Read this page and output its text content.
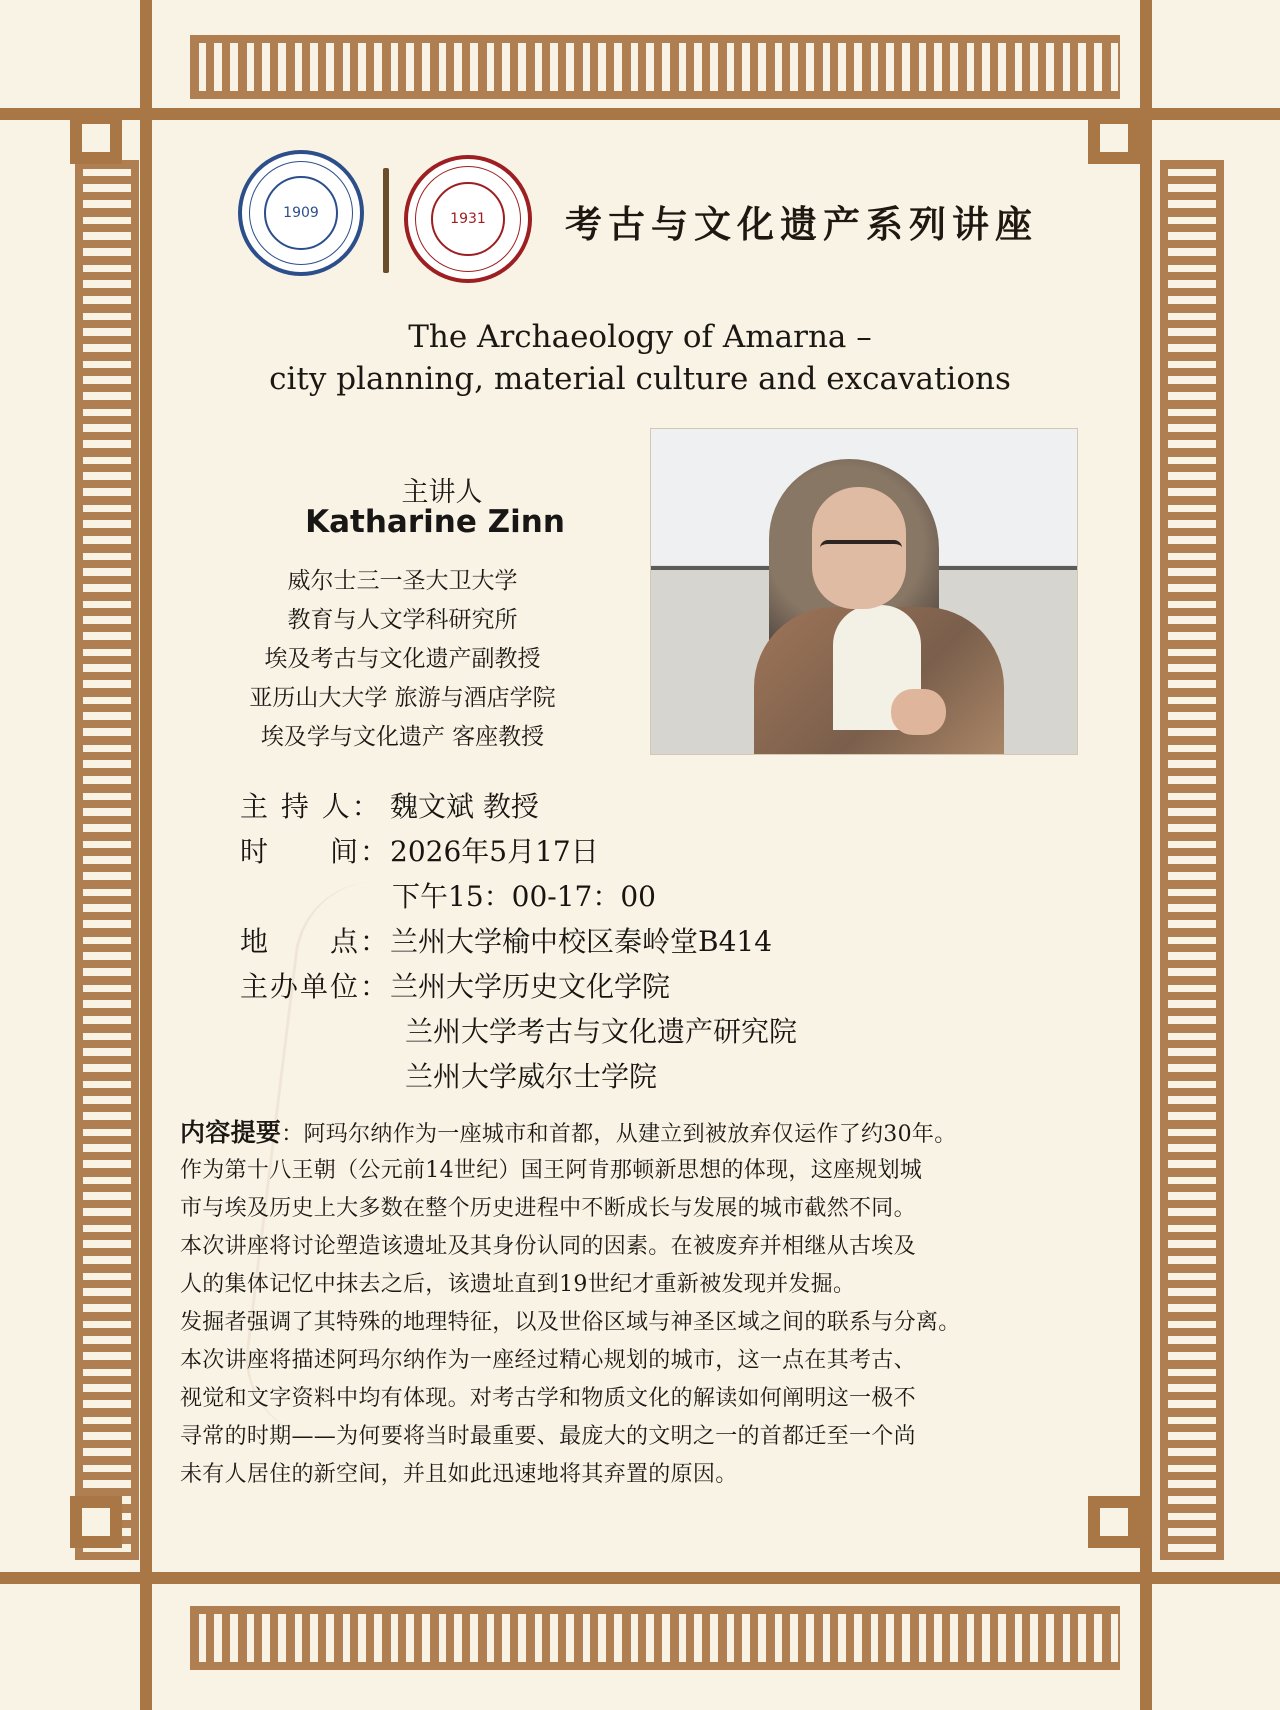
1909	1931	考古与文化遗产系列讲座
The Archaeology of Amarna –
city planning, material culture and excavations
主讲人
Katharine Zinn
威尔士三一圣大卫大学
教育与人文学科研究所
埃及考古与文化遗产副教授
亚历山大大学 旅游与酒店学院
埃及学与文化遗产 客座教授
主 持 人： 魏文斌 教授
时　　间：2026年5月17日
下午15：00-17：00
地　　点：兰州大学榆中校区秦岭堂B414
主办单位：兰州大学历史文化学院
兰州大学考古与文化遗产研究院
兰州大学威尔士学院
内容提要：阿玛尔纳作为一座城市和首都，从建立到被放弃仅运作了约30年。
作为第十八王朝（公元前14世纪）国王阿肯那顿新思想的体现，这座规划城
市与埃及历史上大多数在整个历史进程中不断成长与发展的城市截然不同。
本次讲座将讨论塑造该遗址及其身份认同的因素。在被废弃并相继从古埃及
人的集体记忆中抹去之后，该遗址直到19世纪才重新被发现并发掘。
发掘者强调了其特殊的地理特征，以及世俗区域与神圣区域之间的联系与分离。
本次讲座将描述阿玛尔纳作为一座经过精心规划的城市，这一点在其考古、
视觉和文字资料中均有体现。对考古学和物质文化的解读如何阐明这一极不
寻常的时期——为何要将当时最重要、最庞大的文明之一的首都迁至一个尚
未有人居住的新空间，并且如此迅速地将其弃置的原因。
